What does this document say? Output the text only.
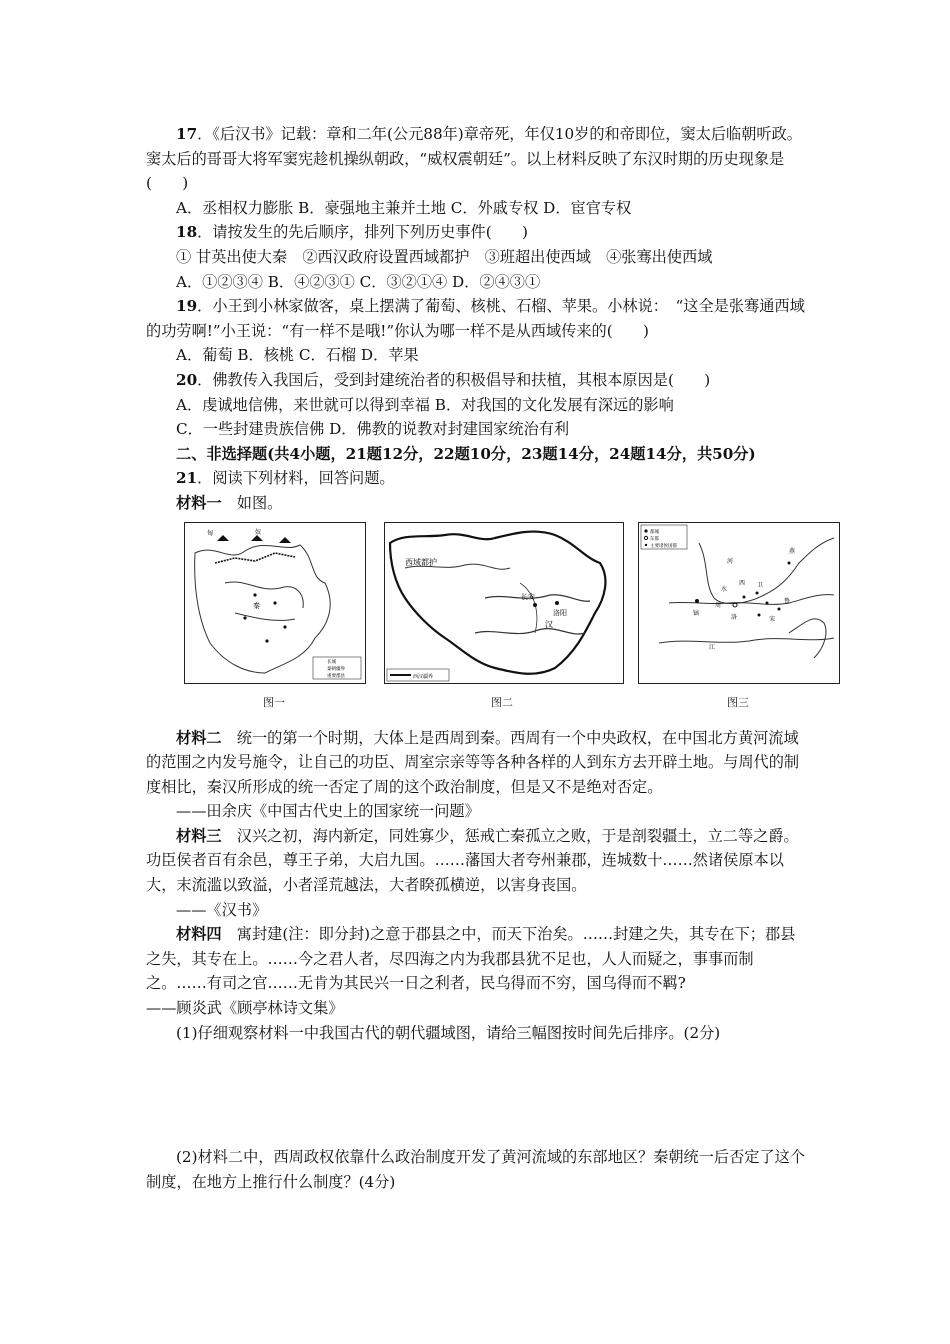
17．《后汉书》记载：章和二年(公元88年)章帝死，年仅10岁的和帝即位，窦太后临朝听政。窦太后的哥哥大将军窦宪趁机操纵朝政，“威权震朝廷”。以上材料反映了东汉时期的历史现象是(　　)

A．丞相权力膨胀 B．豪强地主兼并土地 C．外戚专权 D．宦官专权

18．请按发生的先后顺序，排列下列历史事件(　　)

① 甘英出使大秦　②西汉政府设置西域都护　③班超出使西域　④张骞出使西域

A．①②③④ B．④②③① C．③②①④ D．②④③①

19．小王到小林家做客，桌上摆满了葡萄、核桃、石榴、苹果。小林说：　“这全是张骞通西域的功劳啊!”小王说：“有一样不是哦!”你认为哪一样不是从西域传来的(　　)

A．葡萄 B．核桃 C．石榴 D．苹果

20．佛教传入我国后，受到封建统治者的积极倡导和扶植，其根本原因是(　　)

A．虔诚地信佛，来世就可以得到幸福 B．对我国的文化发展有深远的影响

C．一些封建贵族信佛 D．佛教的说教对封建国家统治有利

二、非选择题(共4小题，21题12分，22题10分，23题14分，24题14分，共50分)

21．阅读下列材料，回答问题。

材料一　如图。

匈	奴
秦
长城
秦朝疆界
重要郡县
图一
西域都护
长安
洛阳
汉
西汉疆界
图二
都城
东都
主要诸侯国都
燕
河
水
西
周
卫
鲁
宋
洛
镐
江
图三

材料二　统一的第一个时期，大体上是西周到秦。西周有一个中央政权，在中国北方黄河流域的范围之内发号施令，让自己的功臣、周室宗亲等等各种各样的人到东方去开辟土地。与周代的制度相比，秦汉所形成的统一否定了周的这个政治制度，但是又不是绝对否定。

——田余庆《中国古代史上的国家统一问题》

材料三　汉兴之初，海内新定，同姓寡少，惩戒亡秦孤立之败，于是剖裂疆土，立二等之爵。功臣侯者百有余邑，尊王子弟，大启九国。……藩国大者夸州兼郡，连城数十……然诸侯原本以大，末流滥以致溢，小者淫荒越法，大者睽孤横逆，以害身丧国。

——《汉书》

材料四　寓封建(注：即分封)之意于郡县之中，而天下治矣。……封建之失，其专在下；郡县之失，其专在上。……今之君人者，尽四海之内为我郡县犹不足也，人人而疑之，事事而制之。……有司之官……无肯为其民兴一日之利者，民乌得而不穷，国乌得而不羁?

——顾炎武《顾亭林诗文集》

(1)仔细观察材料一中我国古代的朝代疆域图，请给三幅图按时间先后排序。(2分)

(2)材料二中，西周政权依靠什么政治制度开发了黄河流域的东部地区？秦朝统一后否定了这个制度，在地方上推行什么制度？(4分)
